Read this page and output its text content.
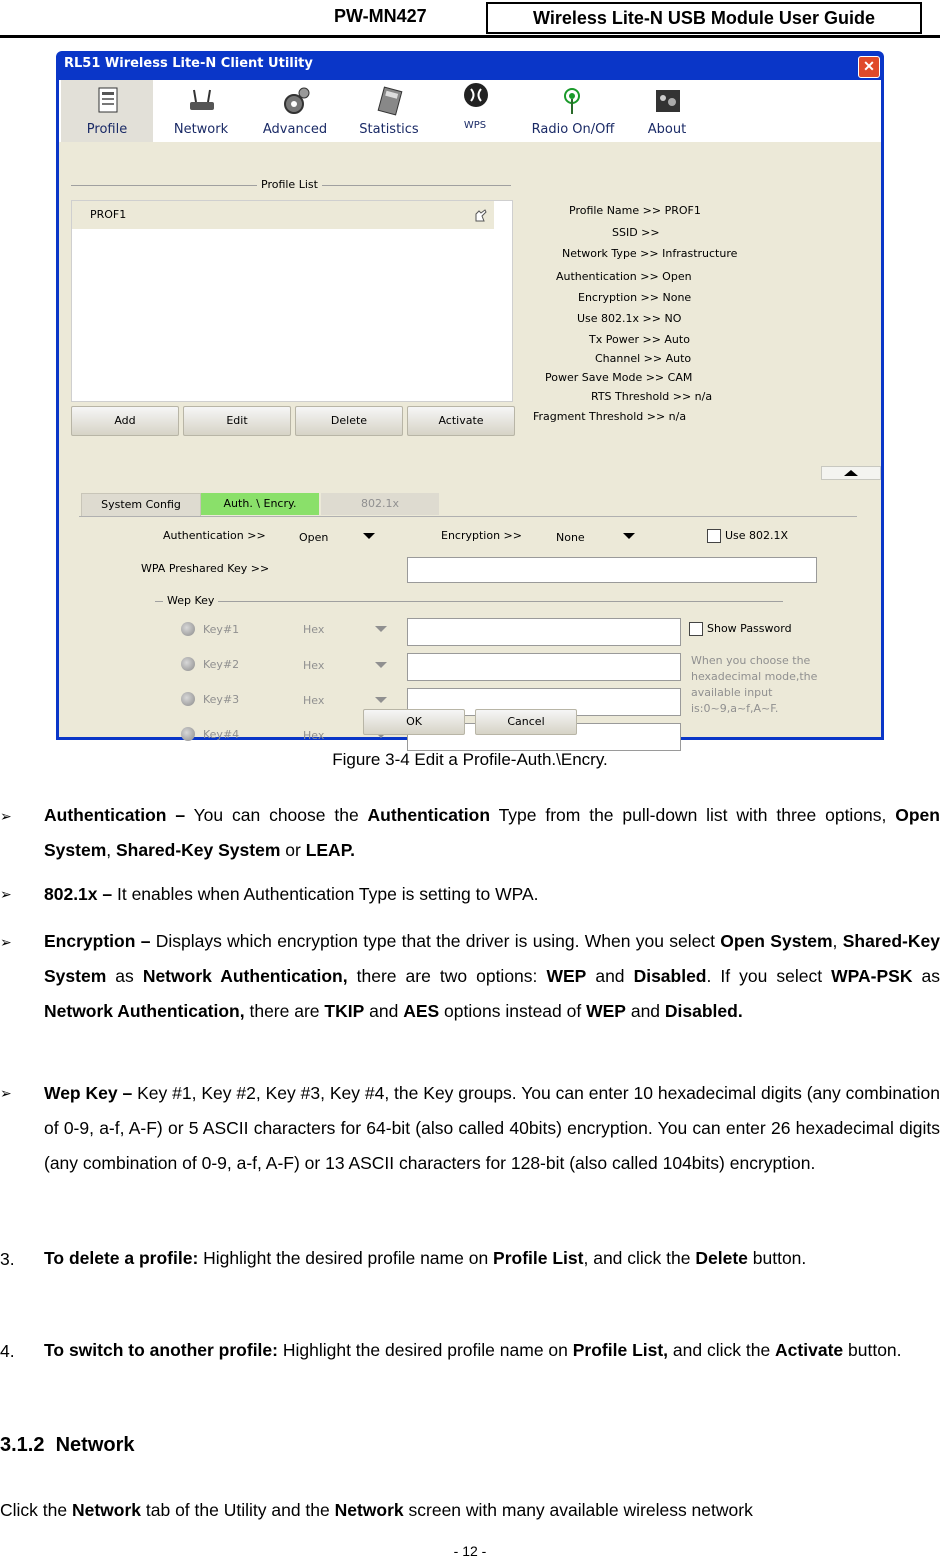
PW-MN427	Wireless Lite-N USB Module User Guide
RL51 Wireless Lite-N Client Utility	✕
Profile	Network	Advanced	Statistics	WPS	Radio On/Off	About
Profile List
PROF1
Add	Edit	Delete	Activate
Profile Name >> PROF1
SSID >>
Network Type >> Infrastructure
Authentication >> Open
Encryption >> None
Use 802.1x >> NO
Tx Power >> Auto
Channel >> Auto
Power Save Mode >> CAM
RTS Threshold >> n/a
Fragment Threshold >> n/a
System Config	Auth. \ Encry.	802.1x
Authentication >>	Open	Encryption >>	None	Use 802.1X
WPA Preshared Key >>
Wep Key
Key#1	Hex
Key#2	Hex
Key#3	Hex
Key#4	Hex
Show Password
When you choose the
hexadecimal mode,the
available input
is:0~9,a~f,A~F.
OK	Cancel
Figure 3-4 Edit a Profile-Auth.\Encry.
➢ Authentication – You can choose the Authentication Type from the pull-down list with three options, Open System, Shared-Key System or LEAP.
➢ 802.1x – It enables when Authentication Type is setting to WPA.
➢ Encryption – Displays which encryption type that the driver is using. When you select Open System, Shared-Key System as Network Authentication, there are two options: WEP and Disabled. If you select WPA-PSK as Network Authentication, there are TKIP and AES options instead of WEP and Disabled.
➢ Wep Key – Key #1, Key #2, Key #3, Key #4, the Key groups. You can enter 10 hexadecimal digits (any combination of 0-9, a-f, A-F) or 5 ASCII characters for 64-bit (also called 40bits) encryption. You can enter 26 hexadecimal digits (any combination of 0-9, a-f, A-F) or 13 ASCII characters for 128-bit (also called 104bits) encryption.
3. To delete a profile: Highlight the desired profile name on Profile List, and click the Delete button.
4. To switch to another profile: Highlight the desired profile name on Profile List, and click the Activate button.
3.1.2 Network
Click the Network tab of the Utility and the Network screen with many available wireless network
- 12 -
